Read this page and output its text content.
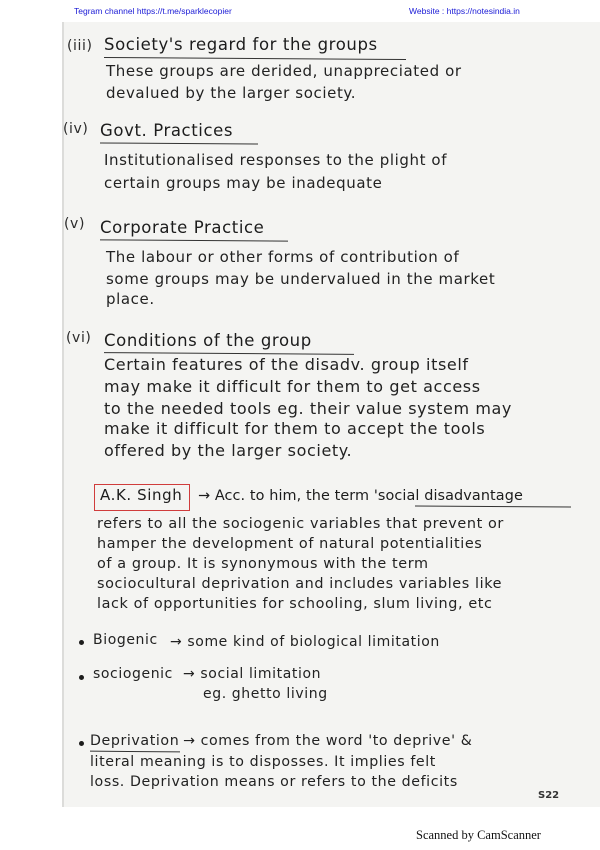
Tegram channel https://t.me/sparklecopier	Website : https://notesindia.in
(iii) Society's regard for the groups
These groups are derided, unappreciated or
devalued by the larger society.
(iv) Govt. Practices
Institutionalised responses to the plight of
certain groups may be inadequate
(v) Corporate Practice
The labour or other forms of contribution of
some groups may be undervalued in the market
place.
(vi) Conditions of the group
Certain features of the disadv. group itself
may make it difficult for them to get access
to the needed tools eg. their value system may
make it difficult for them to accept the tools
offered by the larger society.
A.K. Singh → Acc. to him, the term 'social disadvantage
refers to all the sociogenic variables that prevent or
hamper the development of natural potentialities
of a group. It is synonymous with the term
sociocultural deprivation and includes variables like
lack of opportunities for schooling, slum living, etc
Biogenic → some kind of biological limitation
sociogenic → social limitation
eg. ghetto living
Deprivation → comes from the word 'to deprive' &
literal meaning is to disposses. It implies felt
loss. Deprivation means or refers to the deficits
S22
Scanned by CamScanner
